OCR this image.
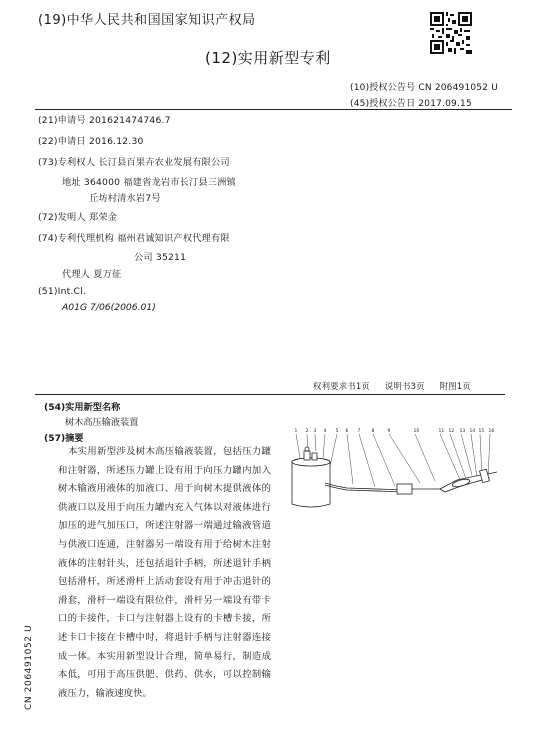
(19)中华人民共和国国家知识产权局
(12)实用新型专利
(10)授权公告号 CN 206491052 U
(45)授权公告日 2017.09.15
(21)申请号 201621474746.7
(22)申请日 2016.12.30
(73)专利权人 长汀县百果卉农业发展有限公司
地址 364000 福建省龙岩市长汀县三洲镇
丘坊村清水岩7号
(72)发明人 郑荣金
(74)专利代理机构 福州君诚知识产权代理有限
公司 35211
代理人 夏万征
(51)Int.Cl.
A01G 7/06(2006.01)
权利要求书1页 说明书3页 附图1页
(54)实用新型名称
树木高压输液装置
(57)摘要
本实用新型涉及树木高压输液装置，包括压力罐和注射器，所述压力罐上设有用于向压力罐内加入树木输液用液体的加液口、用于向树木提供液体的供液口以及用于向压力罐内充入气体以对液体进行加压的进气加压口，所述注射器一端通过输液管道与供液口连通，注射器另一端设有用于给树木注射液体的注射针头，还包括退针手柄，所述退针手柄包括滑杆，所述滑杆上活动套设有用于冲击退针的滑套，滑杆一端设有限位件，滑杆另一端设有带卡口的卡接件，卡口与注射器上设有的卡槽卡接，所述卡口卡接在卡槽中时，将退针手柄与注射器连接成一体。本实用新型设计合理，简单易行，制造成本低，可用于高压供肥、供药、供水，可以控制输液压力，输液速度快。
1 2 3 4 5 6 7 8	9	10	11 12 13 14 15 16
CN 206491052 U
